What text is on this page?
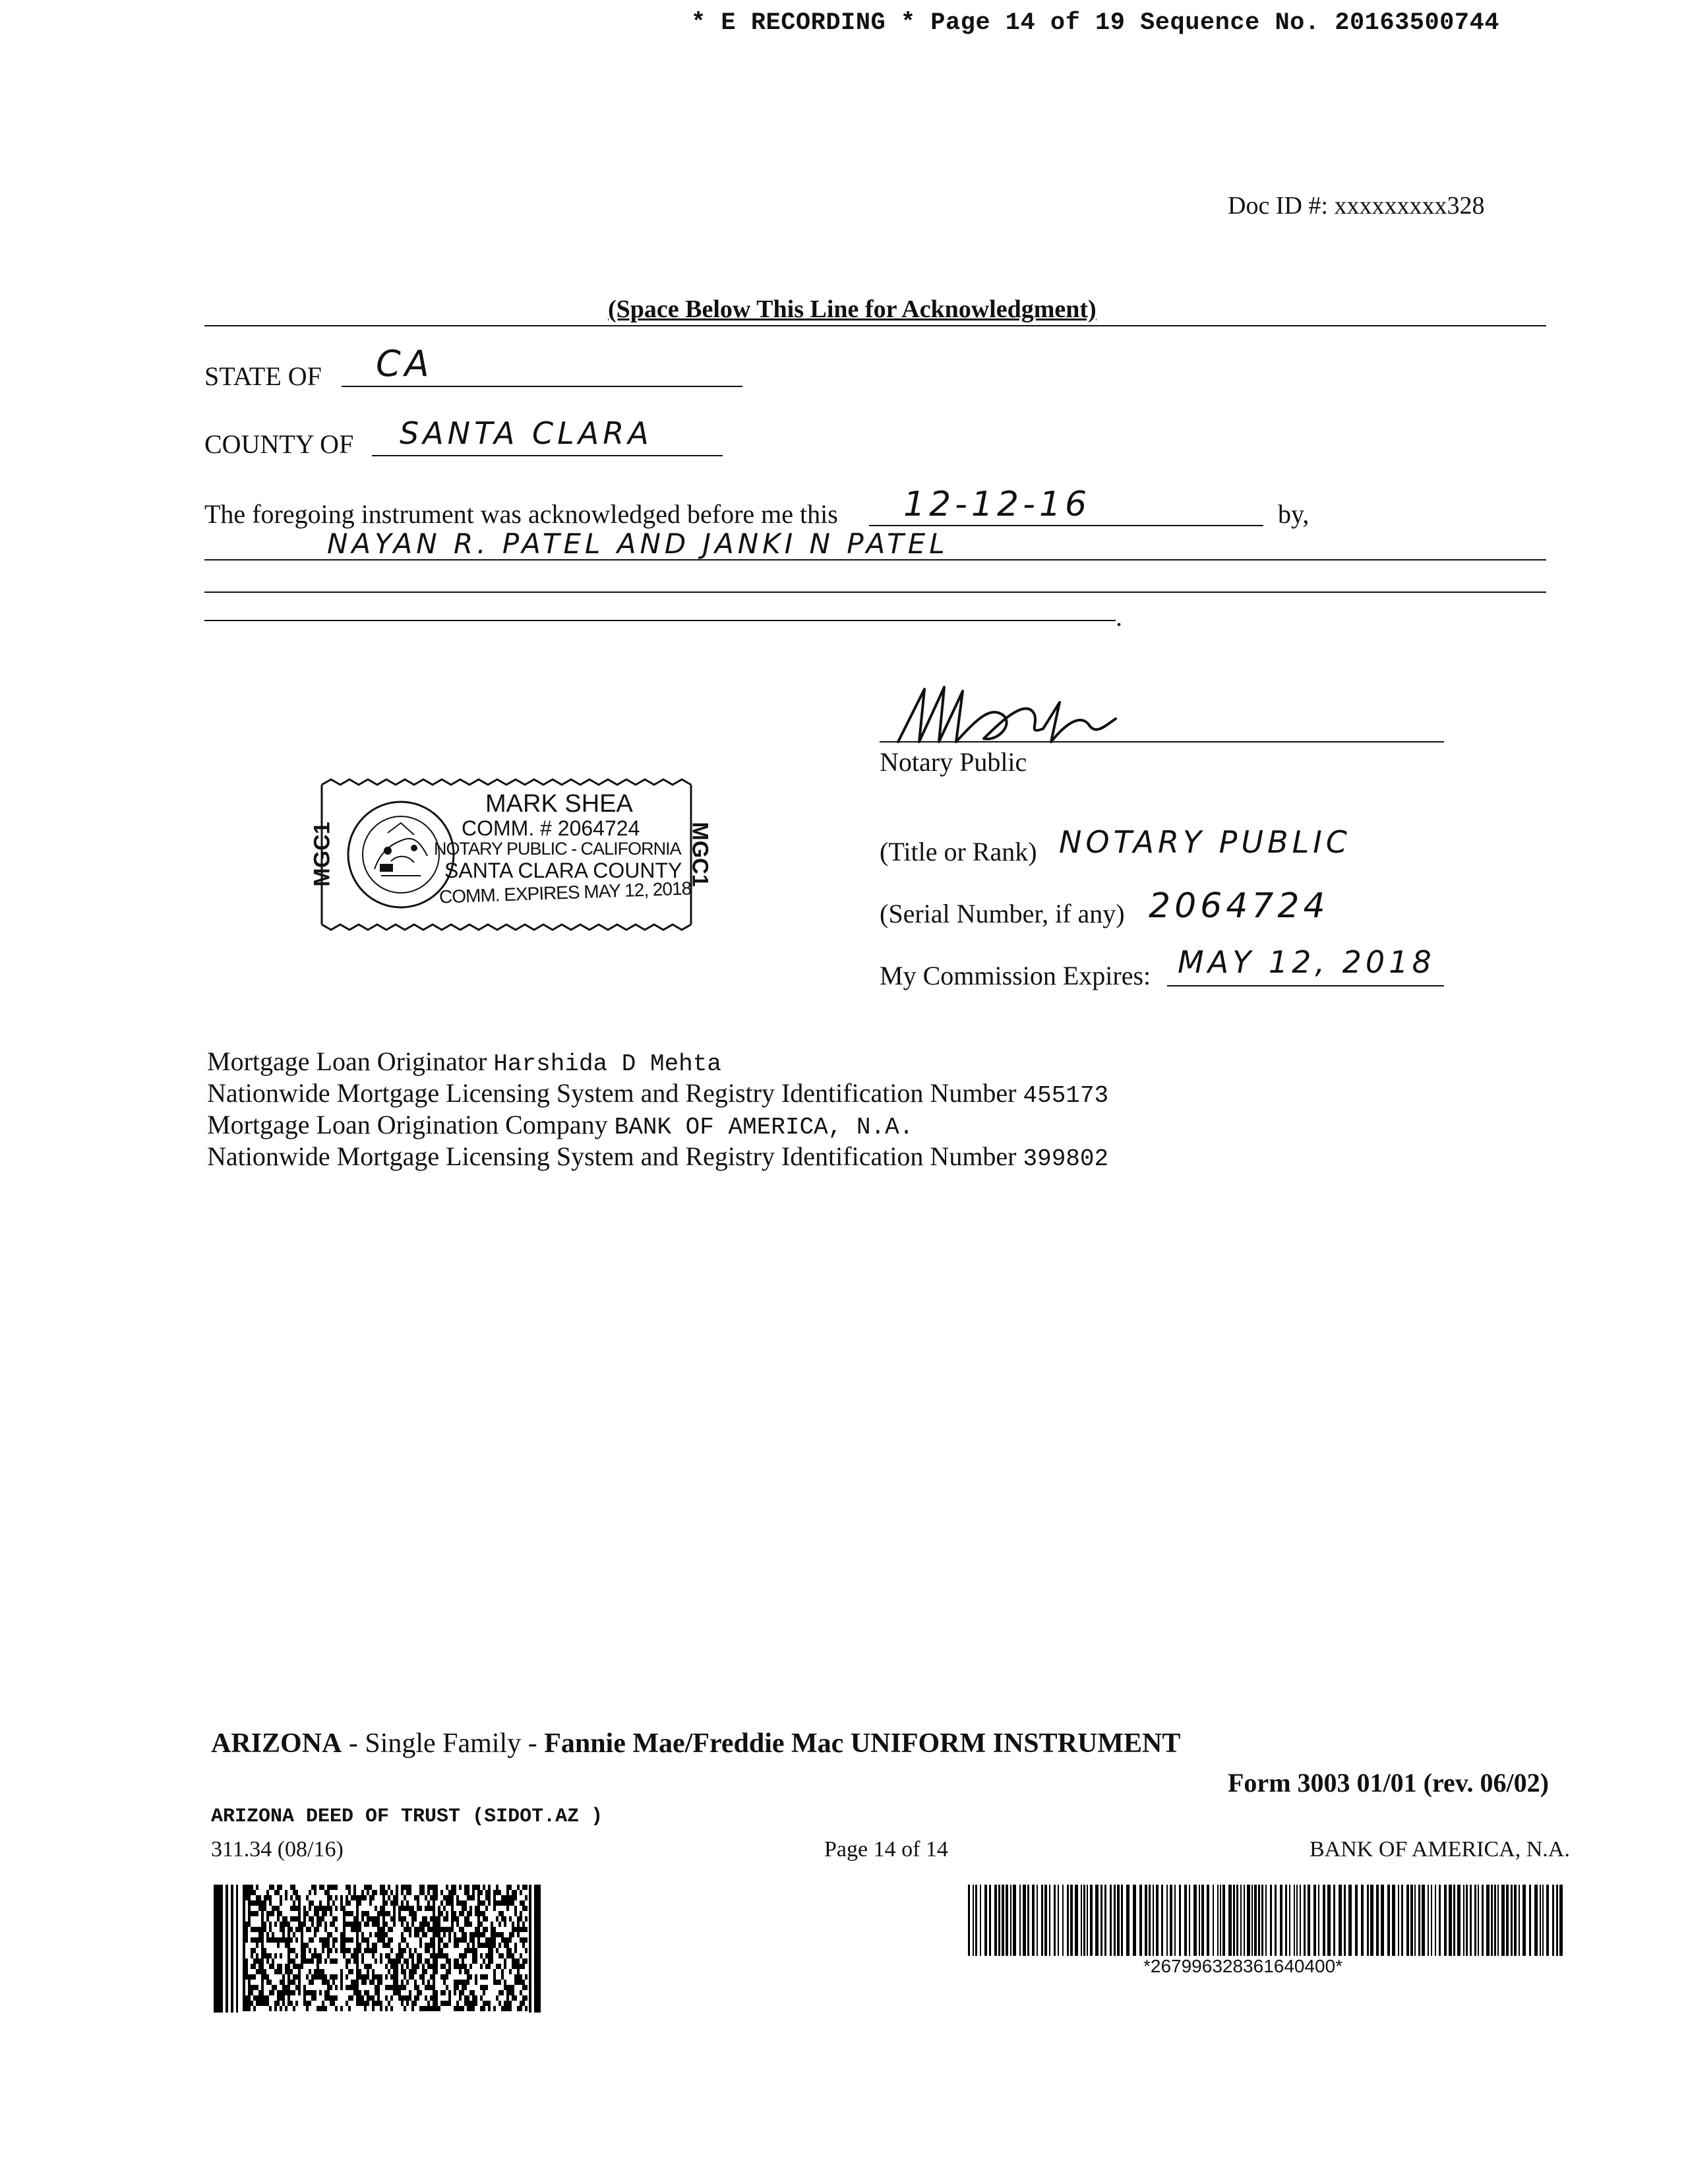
* E RECORDING * Page 14 of 19 Sequence No. 20163500744
Doc ID #: xxxxxxxxx328
(Space Below This Line for Acknowledgment)
STATE OF CA
COUNTY OF SANTA CLARA
The foregoing instrument was acknowledged before me this 12-12-16	by,
NAYAN R. PATEL AND JANKI N PATEL
.
Notary Public
MGC1	MGC1
MARK SHEA
COMM. # 2064724
NOTARY PUBLIC - CALIFORNIA
SANTA CLARA COUNTY
COMM. EXPIRES MAY 12, 2018
(Title or Rank) NOTARY PUBLIC
(Serial Number, if any) 2064724
My Commission Expires: MAY 12, 2018
Mortgage Loan Originator Harshida D Mehta
Nationwide Mortgage Licensing System and Registry Identification Number 455173
Mortgage Loan Origination Company BANK OF AMERICA, N.A.
Nationwide Mortgage Licensing System and Registry Identification Number 399802
ARIZONA - Single Family - Fannie Mae/Freddie Mac UNIFORM INSTRUMENT
Form 3003 01/01 (rev. 06/02)
ARIZONA DEED OF TRUST (SIDOT.AZ )
311.34 (08/16)	Page 14 of 14	BANK OF AMERICA, N.A.
*267996328361640400*
